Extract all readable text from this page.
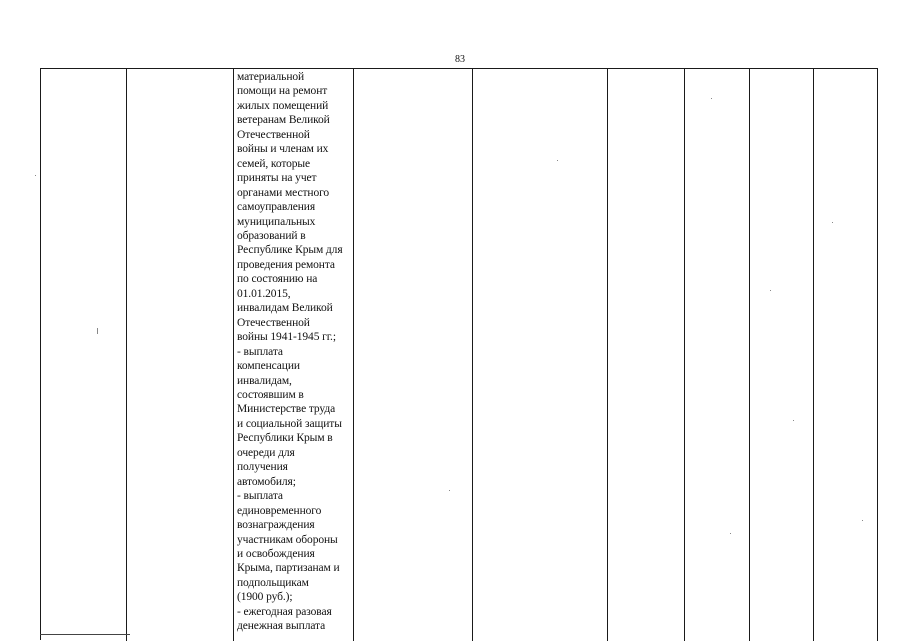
83
материальной
помощи на ремонт
жилых помещений
ветеранам Великой
Отечественной
войны и членам их
семей, которые
приняты на учет
органами местного
самоуправления
муниципальных
образований в
Республике Крым для
проведения ремонта
по состоянию на
01.01.2015,
инвалидам Великой
Отечественной
войны 1941-1945 гг.;
- выплата
компенсации
инвалидам,
состоявшим в
Министерстве труда
и социальной защиты
Республики Крым в
очереди для
получения
автомобиля;
- выплата
единовременного
вознаграждения
участникам обороны
и освобождения
Крыма, партизанам и
подпольщикам
(1900 руб.);
- ежегодная разовая
денежная выплата
